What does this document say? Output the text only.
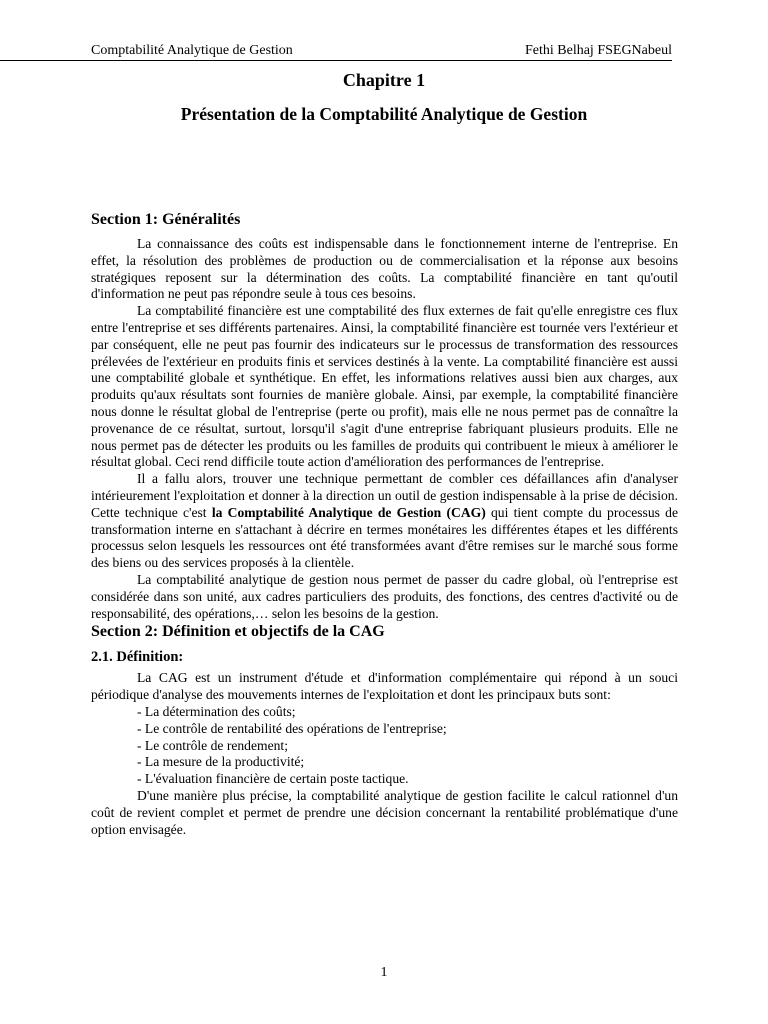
Comptabilité Analytique de Gestion	Fethi Belhaj FSEGNabeul
Chapitre 1
Présentation de la Comptabilité Analytique de Gestion
Section 1: Généralités

La connaissance des coûts est indispensable dans le fonctionnement interne de l'entreprise. En effet, la résolution des problèmes de production ou de commercialisation et la réponse aux besoins stratégiques reposent sur la détermination des coûts. La comptabilité financière en tant qu'outil d'information ne peut pas répondre seule à tous ces besoins.

La comptabilité financière est une comptabilité des flux externes de fait qu'elle enregistre ces flux entre l'entreprise et ses différents partenaires. Ainsi, la comptabilité financière est tournée vers l'extérieur et par conséquent, elle ne peut pas fournir des indicateurs sur le processus de transformation des ressources prélevées de l'extérieur en produits finis et services destinés à la vente. La comptabilité financière est aussi une comptabilité globale et synthétique. En effet, les informations relatives aussi bien aux charges, aux produits qu'aux résultats sont fournies de manière globale. Ainsi, par exemple, la comptabilité financière nous donne le résultat global de l'entreprise (perte ou profit), mais elle ne nous permet pas de connaître la provenance de ce résultat, surtout, lorsqu'il s'agit d'une entreprise fabriquant plusieurs produits. Elle ne nous permet pas de détecter les produits ou les familles de produits qui contribuent le mieux à améliorer le résultat global. Ceci rend difficile toute action d'amélioration des performances de l'entreprise.

Il a fallu alors, trouver une technique permettant de combler ces défaillances afin d'analyser intérieurement l'exploitation et donner à la direction un outil de gestion indispensable à la prise de décision. Cette technique c'est la Comptabilité Analytique de Gestion (CAG) qui tient compte du processus de transformation interne en s'attachant à décrire en termes monétaires les différentes étapes et les différents processus selon lesquels les ressources ont été transformées avant d'être remises sur le marché sous forme des biens ou des services proposés à la clientèle.

La comptabilité analytique de gestion nous permet de passer du cadre global, où l'entreprise est considérée dans son unité, aux cadres particuliers des produits, des fonctions, des centres d'activité ou de responsabilité, des opérations,… selon les besoins de la gestion.

Section 2: Définition et objectifs de la CAG
2.1. Définition:

La CAG est un instrument d'étude et d'information complémentaire qui répond à un souci périodique d'analyse des mouvements internes de l'exploitation et dont les principaux buts sont:

- La détermination des coûts;
- Le contrôle de rentabilité des opérations de l'entreprise;
- Le contrôle de rendement;
- La mesure de la productivité;
- L'évaluation financière de certain poste tactique.

D'une manière plus précise, la comptabilité analytique de gestion facilite le calcul rationnel d'un coût de revient complet et permet de prendre une décision concernant la rentabilité problématique d'une option envisagée.

1
